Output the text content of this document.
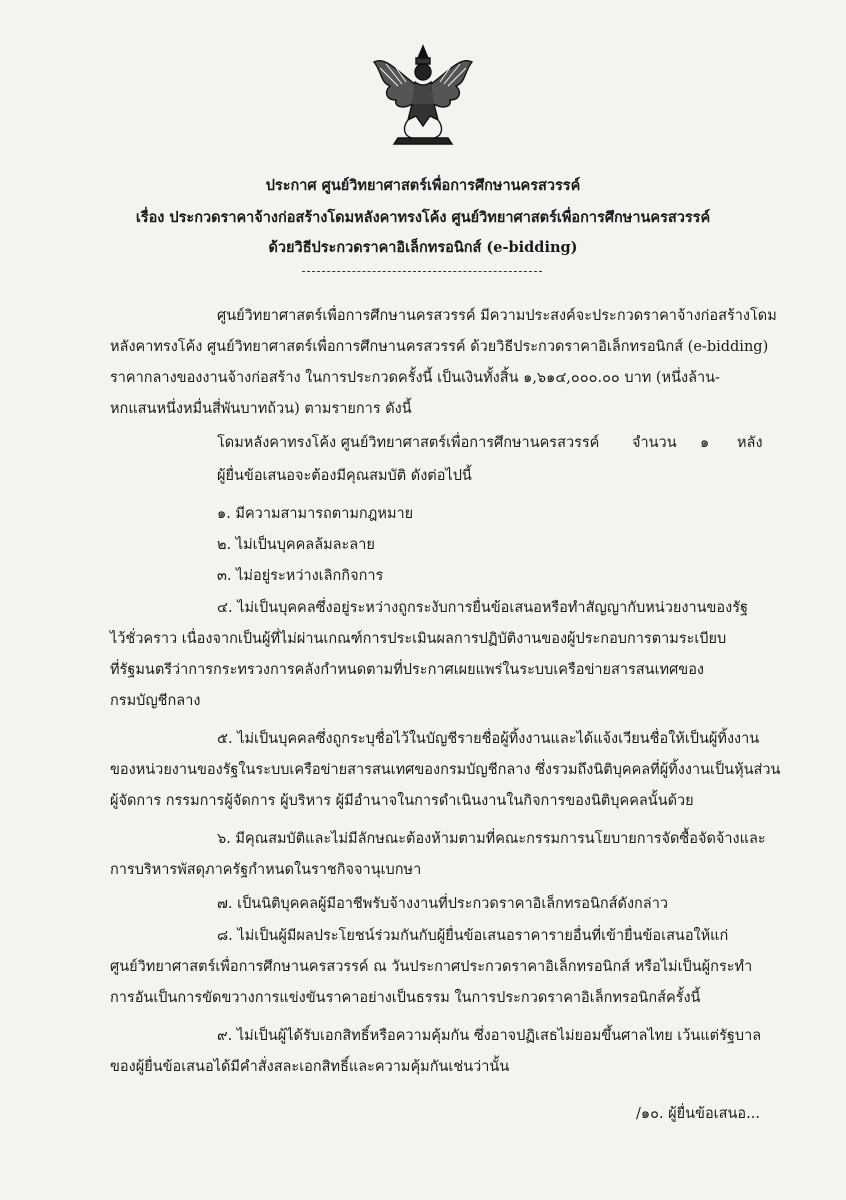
ประกาศ ศูนย์วิทยาศาสตร์เพื่อการศึกษานครสวรรค์
เรื่อง ประกวดราคาจ้างก่อสร้างโดมหลังคาทรงโค้ง ศูนย์วิทยาศาสตร์เพื่อการศึกษานครสวรรค์
ด้วยวิธีประกวดราคาอิเล็กทรอนิกส์ (e-bidding)
ศูนย์วิทยาศาสตร์เพื่อการศึกษานครสวรรค์ มีความประสงค์จะประกวดราคาจ้างก่อสร้างโดม
หลังคาทรงโค้ง ศูนย์วิทยาศาสตร์เพื่อการศึกษานครสวรรค์ ด้วยวิธีประกวดราคาอิเล็กทรอนิกส์ (e-bidding)
ราคากลางของงานจ้างก่อสร้าง ในการประกวดครั้งนี้ เป็นเงินทั้งสิ้น ๑,๖๑๔,๐๐๐.๐๐ บาท (หนึ่งล้าน-
หกแสนหนึ่งหมื่นสี่พันบาทถ้วน) ตามรายการ ดังนี้
โดมหลังคาทรงโค้ง ศูนย์วิทยาศาสตร์เพื่อการศึกษานครสวรรค์ จำนวน ๑ หลัง
ผู้ยื่นข้อเสนอจะต้องมีคุณสมบัติ ดังต่อไปนี้
๑. มีความสามารถตามกฎหมาย
๒. ไม่เป็นบุคคลล้มละลาย
๓. ไม่อยู่ระหว่างเลิกกิจการ
๔. ไม่เป็นบุคคลซึ่งอยู่ระหว่างถูกระงับการยื่นข้อเสนอหรือทำสัญญากับหน่วยงานของรัฐ
ไว้ชั่วคราว เนื่องจากเป็นผู้ที่ไม่ผ่านเกณฑ์การประเมินผลการปฏิบัติงานของผู้ประกอบการตามระเบียบ
ที่รัฐมนตรีว่าการกระทรวงการคลังกำหนดตามที่ประกาศเผยแพร่ในระบบเครือข่ายสารสนเทศของ
กรมบัญชีกลาง
๕. ไม่เป็นบุคคลซึ่งถูกระบุชื่อไว้ในบัญชีรายชื่อผู้ทิ้งงานและได้แจ้งเวียนชื่อให้เป็นผู้ทิ้งงาน
ของหน่วยงานของรัฐในระบบเครือข่ายสารสนเทศของกรมบัญชีกลาง ซึ่งรวมถึงนิติบุคคลที่ผู้ทิ้งงานเป็นหุ้นส่วน
ผู้จัดการ กรรมการผู้จัดการ ผู้บริหาร ผู้มีอำนาจในการดำเนินงานในกิจการของนิติบุคคลนั้นด้วย
๖. มีคุณสมบัติและไม่มีลักษณะต้องห้ามตามที่คณะกรรมการนโยบายการจัดซื้อจัดจ้างและ
การบริหารพัสดุภาครัฐกำหนดในราชกิจจานุเบกษา
๗. เป็นนิติบุคคลผู้มีอาชีพรับจ้างงานที่ประกวดราคาอิเล็กทรอนิกส์ดังกล่าว
๘. ไม่เป็นผู้มีผลประโยชน์ร่วมกันกับผู้ยื่นข้อเสนอราคารายอื่นที่เข้ายื่นข้อเสนอให้แก่
ศูนย์วิทยาศาสตร์เพื่อการศึกษานครสวรรค์ ณ วันประกาศประกวดราคาอิเล็กทรอนิกส์ หรือไม่เป็นผู้กระทำ
การอันเป็นการขัดขวางการแข่งขันราคาอย่างเป็นธรรม ในการประกวดราคาอิเล็กทรอนิกส์ครั้งนี้
๙. ไม่เป็นผู้ได้รับเอกสิทธิ์หรือความคุ้มกัน ซึ่งอาจปฏิเสธไม่ยอมขึ้นศาลไทย เว้นแต่รัฐบาล
ของผู้ยื่นข้อเสนอได้มีคำสั่งสละเอกสิทธิ์และความคุ้มกันเช่นว่านั้น
/๑๐. ผู้ยื่นข้อเสนอ...
